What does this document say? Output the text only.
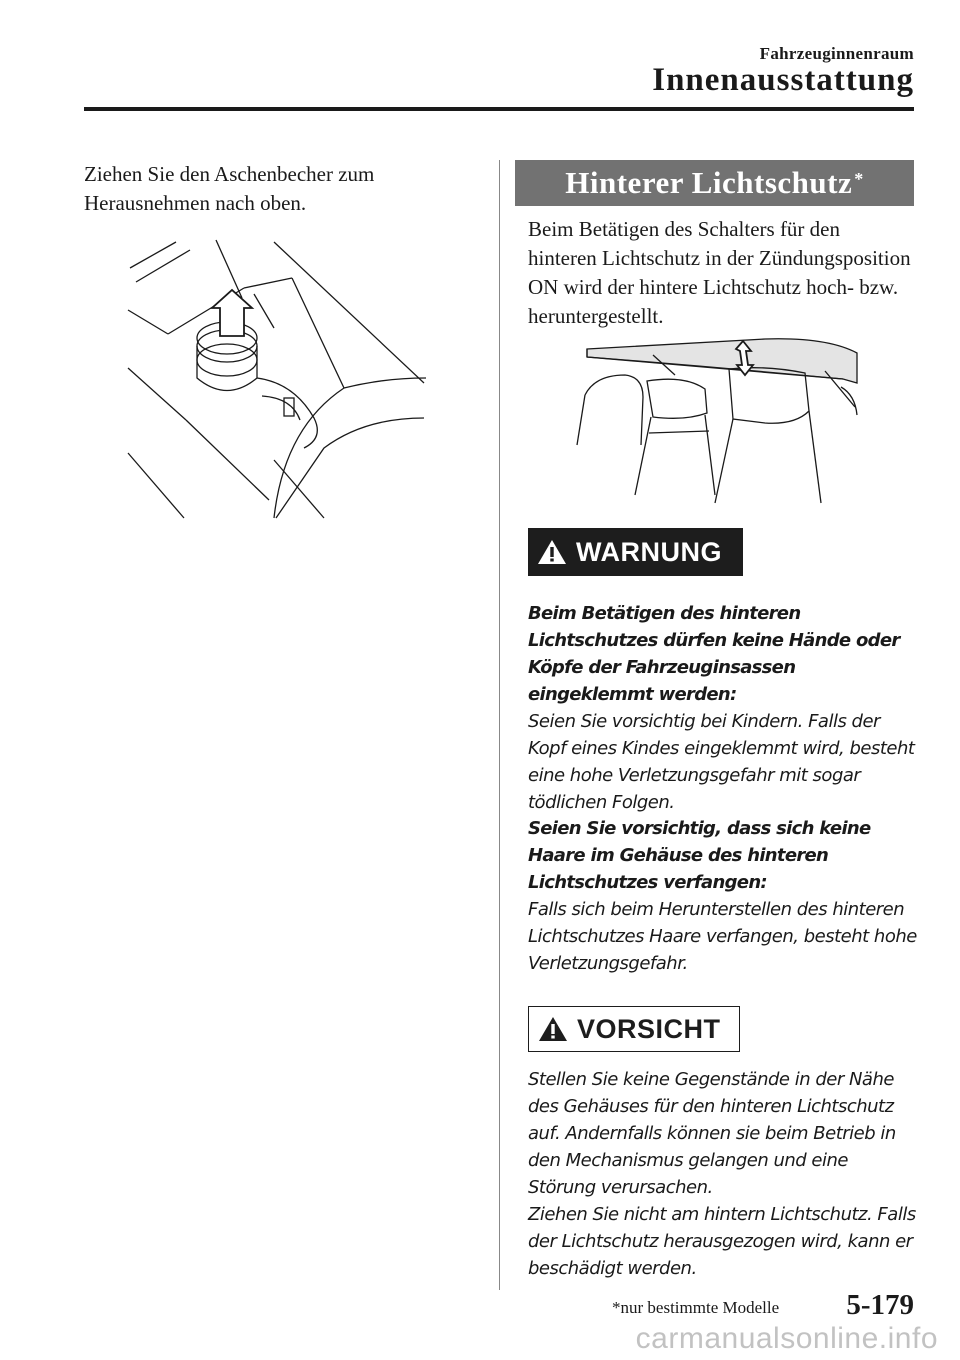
Fahrzeuginnenraum
Innenausstattung
Ziehen Sie den Aschenbecher zum Herausnehmen nach oben.
Hinterer Lichtschutz*
Beim Betätigen des Schalters für den hinteren Lichtschutz in der Zündungsposition ON wird der hintere Lichtschutz hoch- bzw. heruntergestellt.
WARNUNG

Beim Betätigen des hinteren Lichtschutzes dürfen keine Hände oder Köpfe der Fahrzeuginsassen eingeklemmt werden:

Seien Sie vorsichtig bei Kindern. Falls der Kopf eines Kindes eingeklemmt wird, besteht eine hohe Verletzungsgefahr mit sogar tödlichen Folgen.

Seien Sie vorsichtig, dass sich keine Haare im Gehäuse des hinteren Lichtschutzes verfangen:

Falls sich beim Herunterstellen des hinteren Lichtschutzes Haare verfangen, besteht hohe Verletzungsgefahr.

VORSICHT

Stellen Sie keine Gegenstände in der Nähe des Gehäuses für den hinteren Lichtschutz auf. Andernfalls können sie beim Betrieb in den Mechanismus gelangen und eine Störung verursachen.

Ziehen Sie nicht am hintern Lichtschutz. Falls der Lichtschutz herausgezogen wird, kann er beschädigt werden.

*nur bestimmte Modelle 5-179
carmanualsonline.info
